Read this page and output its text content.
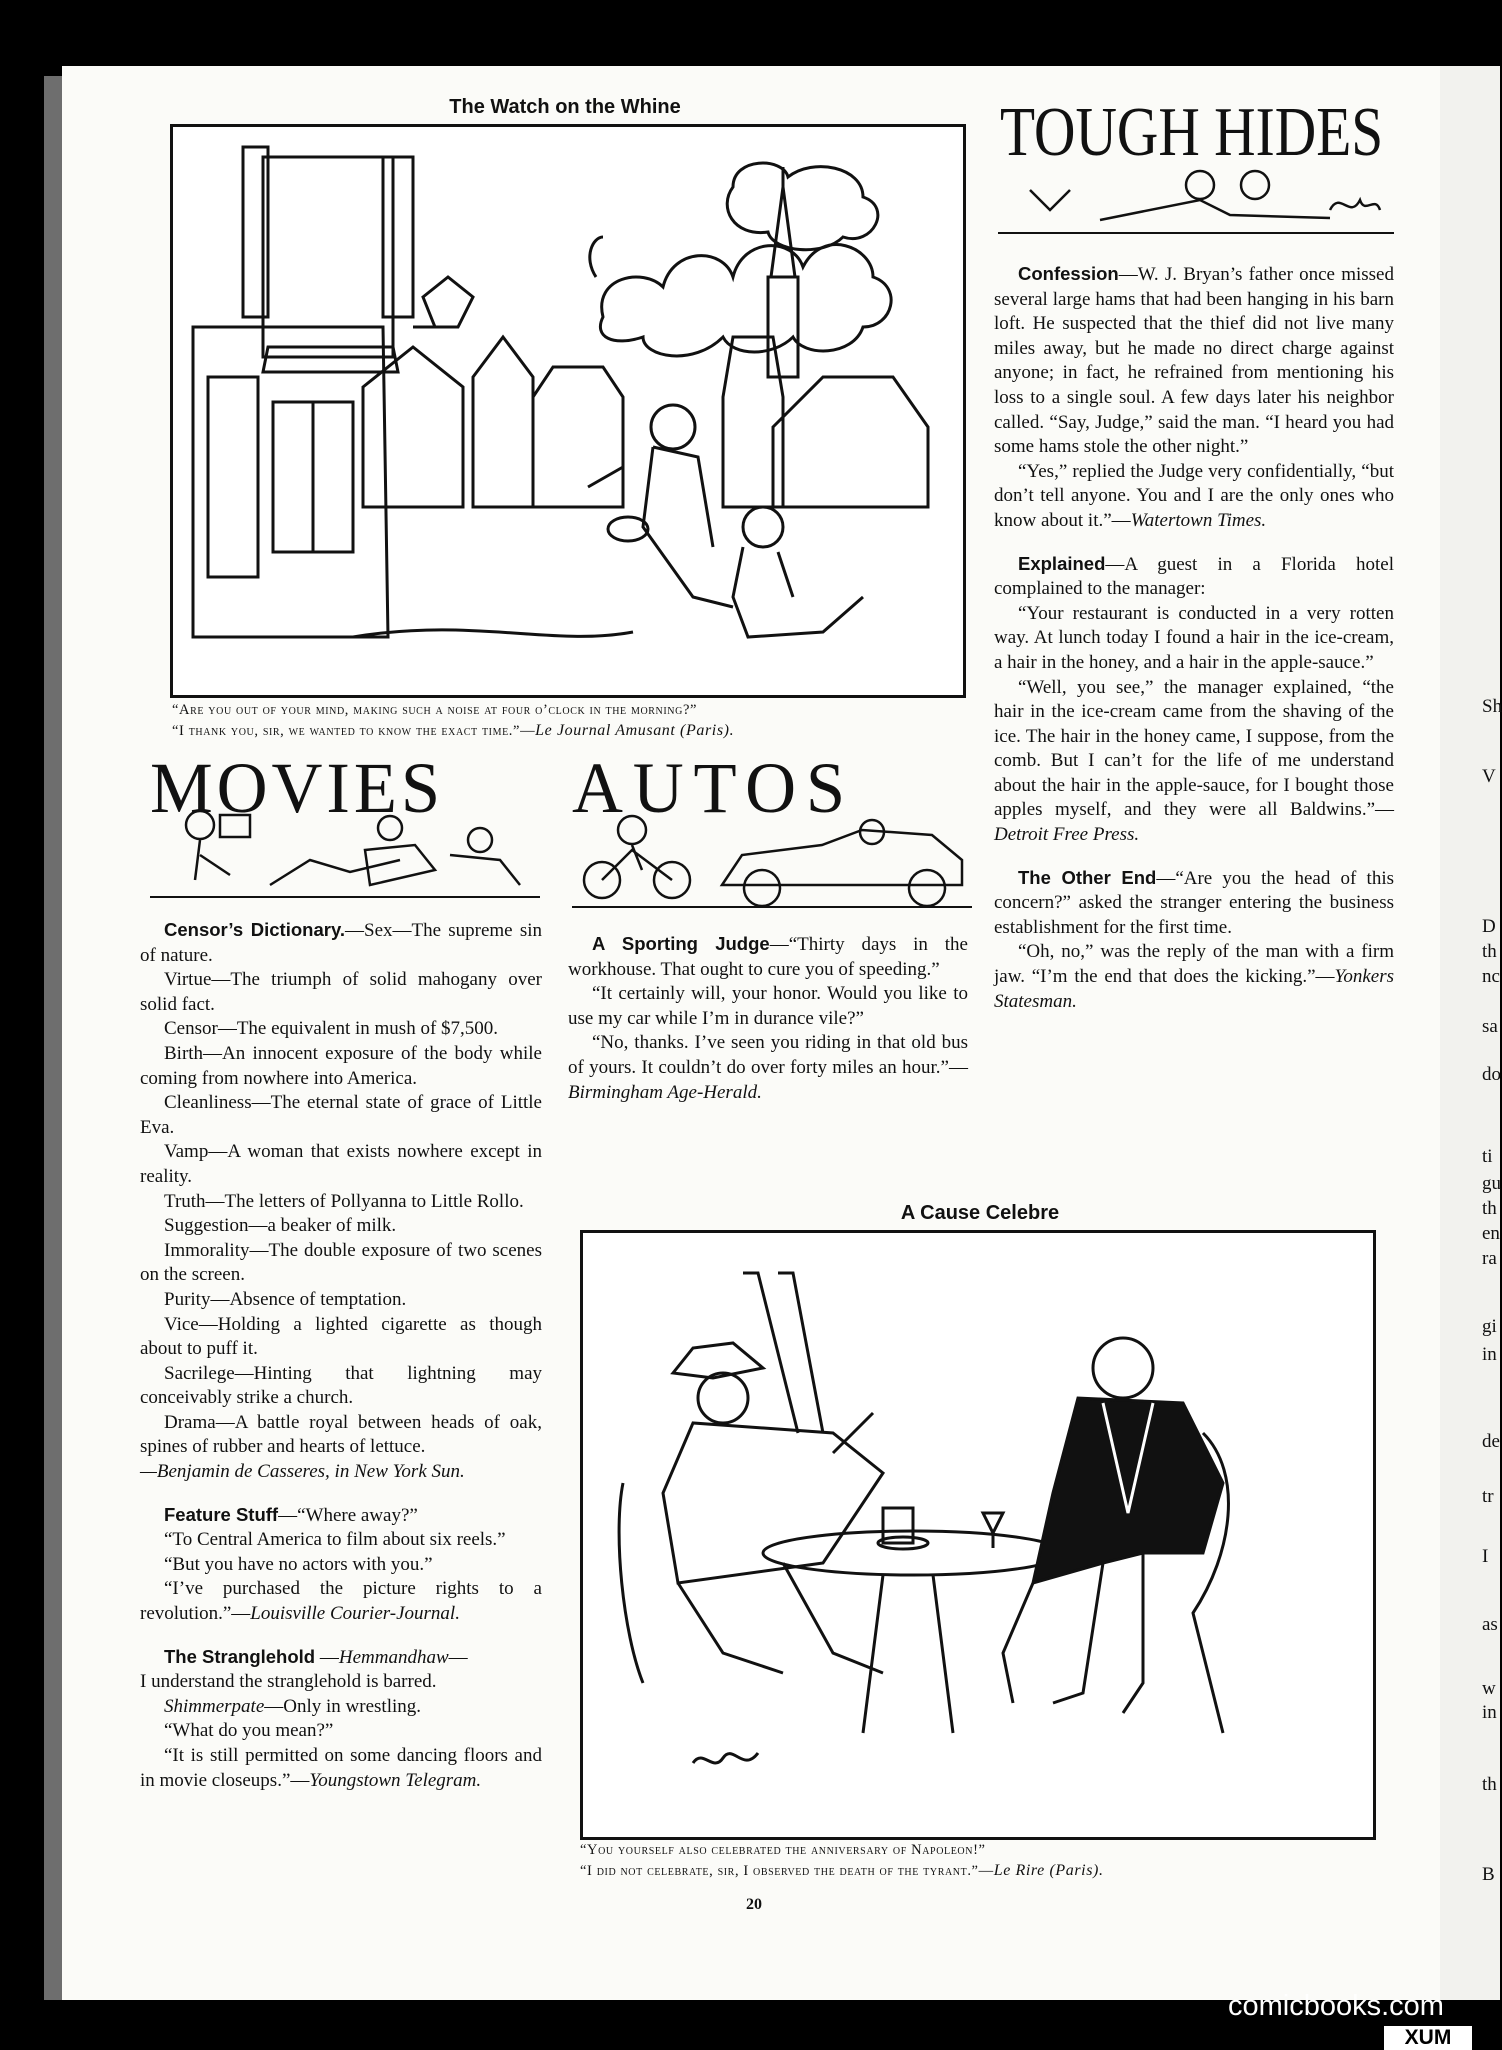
The Watch on the Whine
“Are you out of your mind, making such a noise at four o’clock in the morning?”
“I thank you, sir, we wanted to know the exact time.”—Le Journal Amusant (Paris).
TOUGH HIDES
MOVIES AUTOS

Censor’s Dictionary.—Sex—The supreme sin of nature.

Virtue—The triumph of solid mahogany over solid fact.

Censor—The equivalent in mush of $7,500.

Birth—An innocent exposure of the body while coming from nowhere into America.

Cleanliness—The eternal state of grace of Little Eva.

Vamp—A woman that exists nowhere except in reality.

Truth—The letters of Pollyanna to Little Rollo.

Suggestion—a beaker of milk.

Immorality—The double exposure of two scenes on the screen.

Purity—Absence of temptation.

Vice—Holding a lighted cigarette as though about to puff it.

Sacrilege—Hinting that lightning may conceivably strike a church.

Drama—A battle royal between heads of oak, spines of rubber and hearts of lettuce.

—Benjamin de Casseres, in New York Sun.

Feature Stuff—“Where away?”

“To Central America to film about six reels.”

“But you have no actors with you.”

“I’ve purchased the picture rights to a revolution.”—Louisville Courier-Journal.

The Stranglehold —Hemmandhaw—

I understand the stranglehold is barred.

Shimmerpate—Only in wrestling.

“What do you mean?”

“It is still permitted on some dancing floors and in movie closeups.”—Youngstown Telegram.

A Sporting Judge—“Thirty days in the workhouse. That ought to cure you of speeding.”

“It certainly will, your honor. Would you like to use my car while I’m in durance vile?”

“No, thanks. I’ve seen you riding in that old bus of yours. It couldn’t do over forty miles an hour.”—Birmingham Age-Herald.

Confession—W. J. Bryan’s father once missed several large hams that had been hanging in his barn loft. He suspected that the thief did not live many miles away, but he made no direct charge against anyone; in fact, he refrained from mentioning his loss to a single soul. A few days later his neighbor called. “Say, Judge,” said the man. “I heard you had some hams stole the other night.”

“Yes,” replied the Judge very confidentially, “but don’t tell anyone. You and I are the only ones who know about it.”—Watertown Times.

Explained—A guest in a Florida hotel complained to the manager:

“Your restaurant is conducted in a very rotten way. At lunch today I found a hair in the ice-cream, a hair in the honey, and a hair in the apple-sauce.”

“Well, you see,” the manager explained, “the hair in the ice-cream came from the shaving of the ice. The hair in the honey came, I suppose, from the comb. But I can’t for the life of me understand about the hair in the apple-sauce, for I bought those apples myself, and they were all Baldwins.”—Detroit Free Press.

The Other End—“Are you the head of this concern?” asked the stranger entering the business establishment for the first time.

“Oh, no,” was the reply of the man with a firm jaw. “I’m the end that does the kicking.”—Yonkers Statesman.

A Cause Celebre
“You yourself also celebrated the anniversary of Napoleon!”
“I did not celebrate, sir, I observed the death of the tyrant.”—Le Rire (Paris).
20
Sh
V
D
th
nc
sa
do
ti
gu
th
en
ra
gi
in
de
tr
I
as
w
in
th
B
comicbooks.com
XUM
